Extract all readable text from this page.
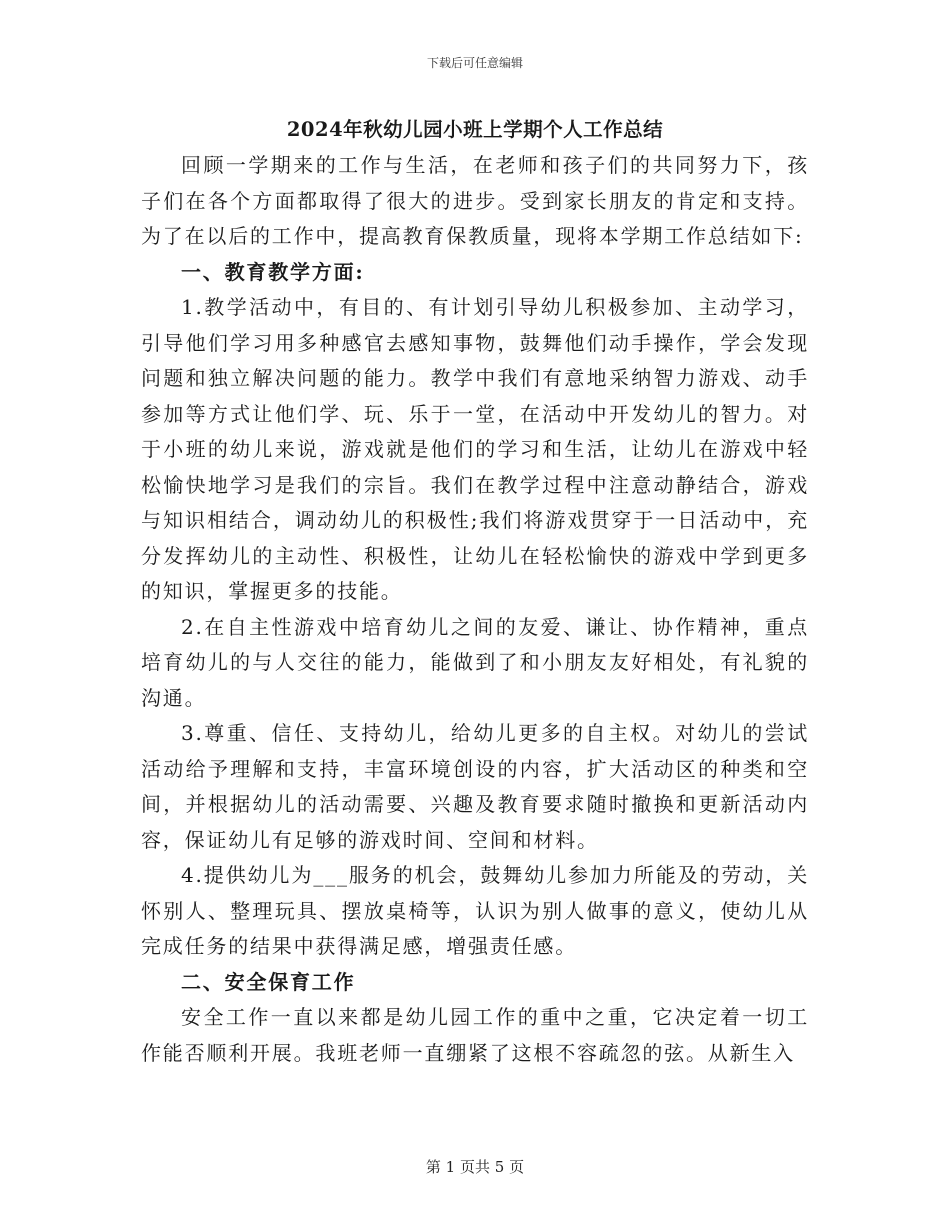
下载后可任意编辑
2024年秋幼儿园小班上学期个人工作总结

回顾一学期来的工作与生活，在老师和孩子们的共同努力下，孩子们在各个方面都取得了很大的进步。受到家长朋友的肯定和支持。为了在以后的工作中，提高教育保教质量，现将本学期工作总结如下:

一、教育教学方面:

1.教学活动中，有目的、有计划引导幼儿积极参加、主动学习，引导他们学习用多种感官去感知事物，鼓舞他们动手操作，学会发现问题和独立解决问题的能力。教学中我们有意地采纳智力游戏、动手参加等方式让他们学、玩、乐于一堂，在活动中开发幼儿的智力。对于小班的幼儿来说，游戏就是他们的学习和生活，让幼儿在游戏中轻松愉快地学习是我们的宗旨。我们在教学过程中注意动静结合，游戏与知识相结合，调动幼儿的积极性;我们将游戏贯穿于一日活动中，充分发挥幼儿的主动性、积极性，让幼儿在轻松愉快的游戏中学到更多的知识，掌握更多的技能。

2.在自主性游戏中培育幼儿之间的友爱、谦让、协作精神，重点培育幼儿的与人交往的能力，能做到了和小朋友友好相处，有礼貌的沟通。

3.尊重、信任、支持幼儿，给幼儿更多的自主权。对幼儿的尝试活动给予理解和支持，丰富环境创设的内容，扩大活动区的种类和空间，并根据幼儿的活动需要、兴趣及教育要求随时撤换和更新活动内容，保证幼儿有足够的游戏时间、空间和材料。

4.提供幼儿为___服务的机会，鼓舞幼儿参加力所能及的劳动，关怀别人、整理玩具、摆放桌椅等，认识为别人做事的意义，使幼儿从完成任务的结果中获得满足感，增强责任感。

二、安全保育工作

安全工作一直以来都是幼儿园工作的重中之重，它决定着一切工作能否顺利开展。我班老师一直绷紧了这根不容疏忽的弦。从新生入

第 1 页共 5 页
